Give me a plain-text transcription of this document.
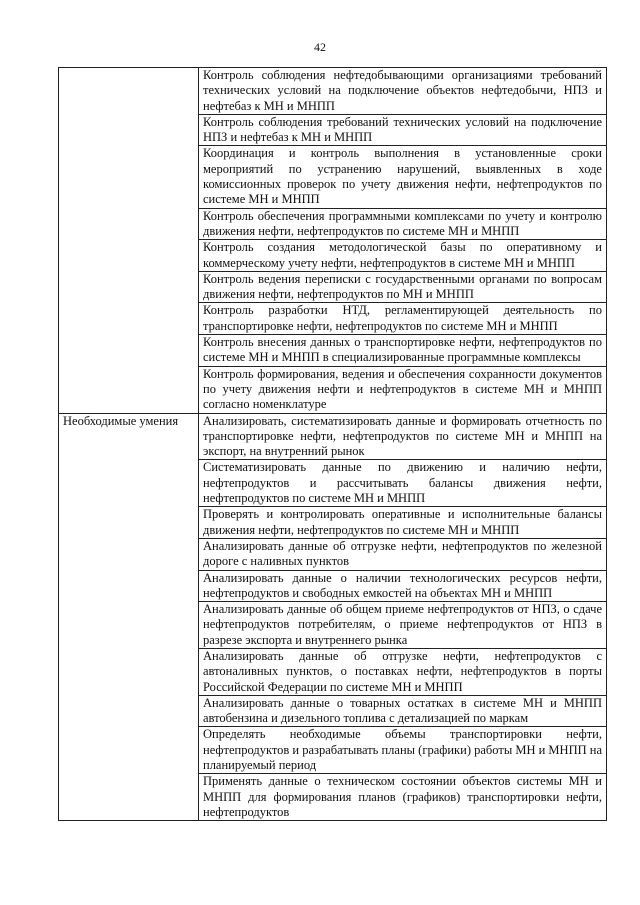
42
	Контроль соблюдения нефтедобывающими организациями требований технических условий на подключение объектов нефтедобычи, НПЗ и нефтебаз к МН и МНПП
	Контроль соблюдения требований технических условий на подключение НПЗ и нефтебаз к МН и МНПП
	Координация и контроль выполнения в установленные сроки мероприятий по устранению нарушений, выявленных в ходе комиссионных проверок по учету движения нефти, нефтепродуктов по системе МН и МНПП
	Контроль обеспечения программными комплексами по учету и контролю движения нефти, нефтепродуктов по системе МН и МНПП
	Контроль создания методологической базы по оперативному и коммерческому учету нефти, нефтепродуктов в системе МН и МНПП
	Контроль ведения переписки с государственными органами по вопросам движения нефти, нефтепродуктов по МН и МНПП
	Контроль разработки НТД, регламентирующей деятельность по транспортировке нефти, нефтепродуктов по системе МН и МНПП
	Контроль внесения данных о транспортировке нефти, нефтепродуктов по системе МН и МНПП в специализированные программные комплексы
	Контроль формирования, ведения и обеспечения сохранности документов по учету движения нефти и нефтепродуктов в системе МН и МНПП согласно номенклатуре
Необходимые умения	Анализировать, систематизировать данные и формировать отчетность по транспортировке нефти, нефтепродуктов по системе МН и МНПП на экспорт, на внутренний рынок
	Систематизировать данные по движению и наличию нефти, нефтепродуктов и рассчитывать балансы движения нефти, нефтепродуктов по системе МН и МНПП
	Проверять и контролировать оперативные и исполнительные балансы движения нефти, нефтепродуктов по системе МН и МНПП
	Анализировать данные об отгрузке нефти, нефтепродуктов по железной дороге с наливных пунктов
	Анализировать данные о наличии технологических ресурсов нефти, нефтепродуктов и свободных емкостей на объектах МН и МНПП
	Анализировать данные об общем приеме нефтепродуктов от НПЗ, о сдаче нефтепродуктов потребителям, о приеме нефтепродуктов от НПЗ в разрезе экспорта и внутреннего рынка
	Анализировать данные об отгрузке нефти, нефтепродуктов с автоналивных пунктов, о поставках нефти, нефтепродуктов в порты Российской Федерации по системе МН и МНПП
	Анализировать данные о товарных остатках в системе МН и МНПП автобензина и дизельного топлива с детализацией по маркам
	Определять необходимые объемы транспортировки нефти, нефтепродуктов и разрабатывать планы (графики) работы МН и МНПП на планируемый период
	Применять данные о техническом состоянии объектов системы МН и МНПП для формирования планов (графиков) транспортировки нефти, нефтепродуктов
